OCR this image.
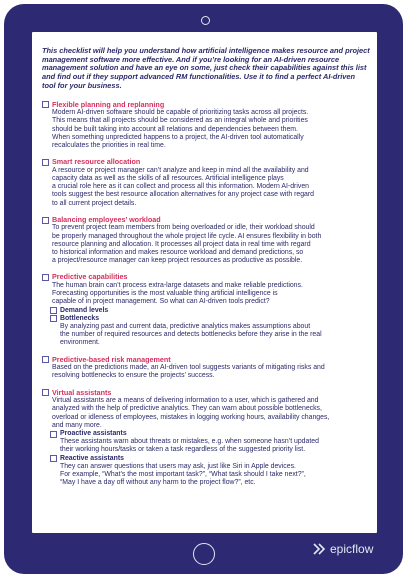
This checklist will help you understand how artificial intelligence makes resource and project management software more effective. And if you’re looking for an AI-driven resource management solution and have an eye on some, just check their capabilities against this list and find out if they support advanced RM functionalities. Use it to find a perfect AI-driven tool for your business.

Flexible planning and replanning
Modern AI-driven software should be capable of prioritizing tasks across all projects.
This means that all projects should be considered as an integral whole and priorities
should be built taking into account all relations and dependencies between them.
When something unpredicted happens to a project, the AI-driven tool automatically
recalculates the priorities in real time.
Smart resource allocation
A resource or project manager can’t analyze and keep in mind all the availability and
capacity data as well as the skills of all resources. Artificial intelligence plays
a crucial role here as it can collect and process all this information. Modern AI-driven
tools suggest the best resource allocation alternatives for any project case with regard
to all current project details.
Balancing employees’ workload
To prevent project team members from being overloaded or idle, their workload should
be properly managed throughout the whole project life cycle. AI ensures flexibility in both
resource planning and allocation. It processes all project data in real time with regard
to historical information and makes resource workload and demand predictions, so
a project/resource manager can keep project resources as productive as possible.
Predictive capabilities
The human brain can’t process extra-large datasets and make reliable predictions.
Forecasting opportunities is the most valuable thing artificial intelligence is
capable of in project management. So what can AI-driven tools predict?
Demand levels
Bottlenecks
By analyzing past and current data, predictive analytics makes assumptions about
the number of required resources and detects bottlenecks before they arise in the real
environment.
Predictive-based risk management
Based on the predictions made, an AI-driven tool suggests variants of mitigating risks and
resolving bottlenecks to ensure the projects’ success.
Virtual assistants
Virtual assistants are a means of delivering information to a user, which is gathered and
analyzed with the help of predictive analytics. They can warn about possible bottlenecks,
overload or idleness of employees, mistakes in logging working hours, availability changes,
and many more.
Proactive assistants
These assistants warn about threats or mistakes, e.g. when someone hasn’t updated
their working hours/tasks or taken a task regardless of the suggested priority list.
Reactive assistants
They can answer questions that users may ask, just like Siri in Apple devices.
For example, “What’s the most important task?”, “What task should I take next?”,
“May I have a day off without any harm to the project flow?”, etc.
epicflow
